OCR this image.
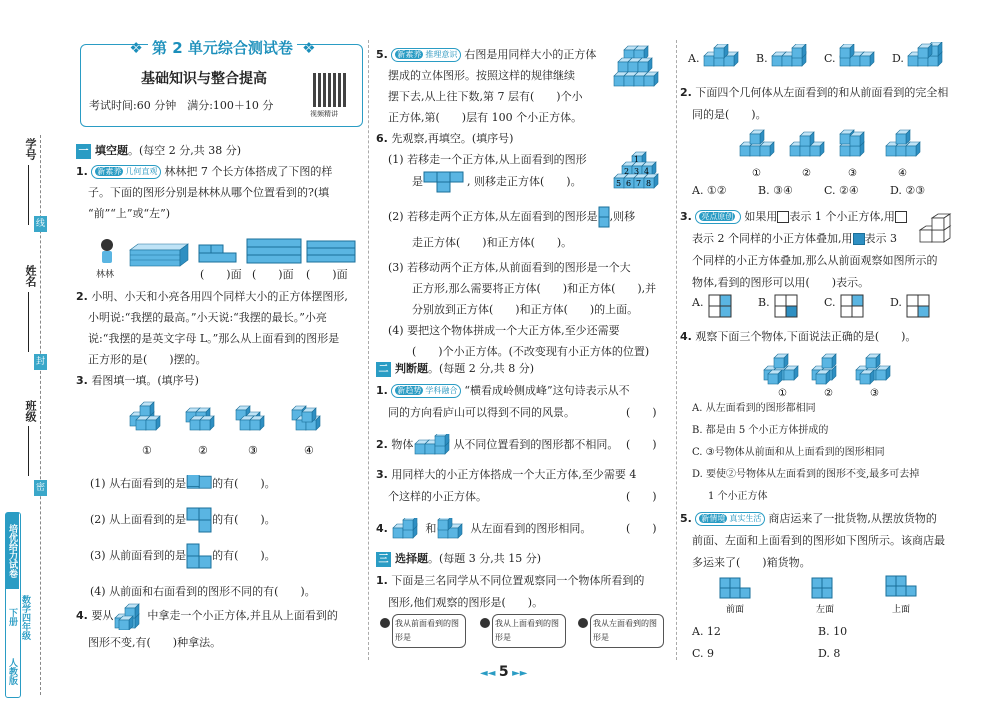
学号
线
姓名
封
班级
密
培优给力试卷
数学四年级 下册
人教版
❖ 第 2 单元综合测试卷 ❖
基础知识与整合提高
考试时间:60 分钟　满分:100＋10 分
视频精讲
一 填空题。(每空 2 分,共 38 分)
1. 新素养 几何直观 林林把 7 个长方体搭成了下图的样
子。下面的图形分别是林林从哪个位置看到的?(填
“前”“上”或“左”)
林林	(　　)面 (　　)面 (　　)面
2. 小明、小天和小亮各用四个同样大小的正方体摆图形,
小明说:“我摆的最高。”小天说:“我摆的最长。”小亮
说:“我摆的是英文字母 L。”那么从上面看到的图形是
正方形的是(　　)摆的。
3. 看图填一填。(填序号)
①	②	③	④
(1) 从右面看到的是 的有(　　)。
(2) 从上面看到的是 的有(　　)。
(3) 从前面看到的是 的有(　　)。
(4) 从前面和右面看到的图形不同的有(　　)。
4. 要从	中拿走一个小正方体,并且从上面看到的
图形不变,有(　　)种拿法。
5. 新素养 推理意识 右图是用同样大小的正方体
摆成的立体图形。按照这样的规律继续
摆下去,从上往下数,第 7 层有(　　)个小
正方体,第(　　)层有 100 个小正方体。
6. 先观察,再填空。(填序号)
(1) 若移走一个正方体,从上面看到的图形
是	, 则移走正方体(　　)。	5 6 7 8
2 3 4
1
(2) 若移走两个正方体,从左面看到的图形是 ,则移
走正方体(　　)和正方体(　　)。
(3) 若移动两个正方体,从前面看到的图形是一个大
正方形,那么需要将正方体(　　)和正方体(　　),并
分别放到正方体(　　)和正方体(　　)的上面。
(4) 要把这个物体拼成一个大正方体,至少还需要
(　　)个小正方体。(不改变现有小正方体的位置)
二 判断题。(每题 2 分,共 8 分)
1. 新趋势 学科融合 “横看成岭侧成峰”这句诗表示从不
同的方向看庐山可以得到不同的风景。	(　　)
2. 物体	从不同位置看到的图形都不相同。 (　　)
3. 用同样大的小正方体搭成一个大正方体,至少需要 4
个这样的小正方体。	(　　)
4.	和	从左面看到的图形相同。	(　　)
三 选择题。(每题 3 分,共 15 分)
1. 下面是三名同学从不同位置观察同一个物体所看到的
图形,他们观察的图形是(　　)。
我从前面看到的图形是
我从上面看到的图形是
我从左面看到的图形是
A.	B.	C.	D.
2. 下面四个几何体从左面看到的和从前面看到的完全相
同的是(　　)。
①	②	③	④
A. ①②	B. ③④	C. ②④	D. ②③
3. 亮点原创 如果用 表示 1 个小正方体,用
表示 2 个同样的小正方体叠加,用 表示 3
个同样的小正方体叠加,那么从前面观察如图所示的
物体,看到的图形可以用(　　)表示。
A.	B.	C.	D.
4. 观察下面三个物体,下面说法正确的是(　　)。
①	②	③
A. 从左面看到的图形都相同
B. 都是由 5 个小正方体拼成的
C. ③号物体从前面和从上面看到的图形相同
D. 要使②号物体从左面看到的图形不变,最多可去掉
1 个小正方体
5. 新情境 真实生活 商店运来了一批货物,从摆放货物的
前面、左面和上面看到的图形如下图所示。该商店最
多运来了(　　)箱货物。
前面	左面	上面
A. 12	B. 10
C. 9	D. 8
◄◄ 5 ►►
